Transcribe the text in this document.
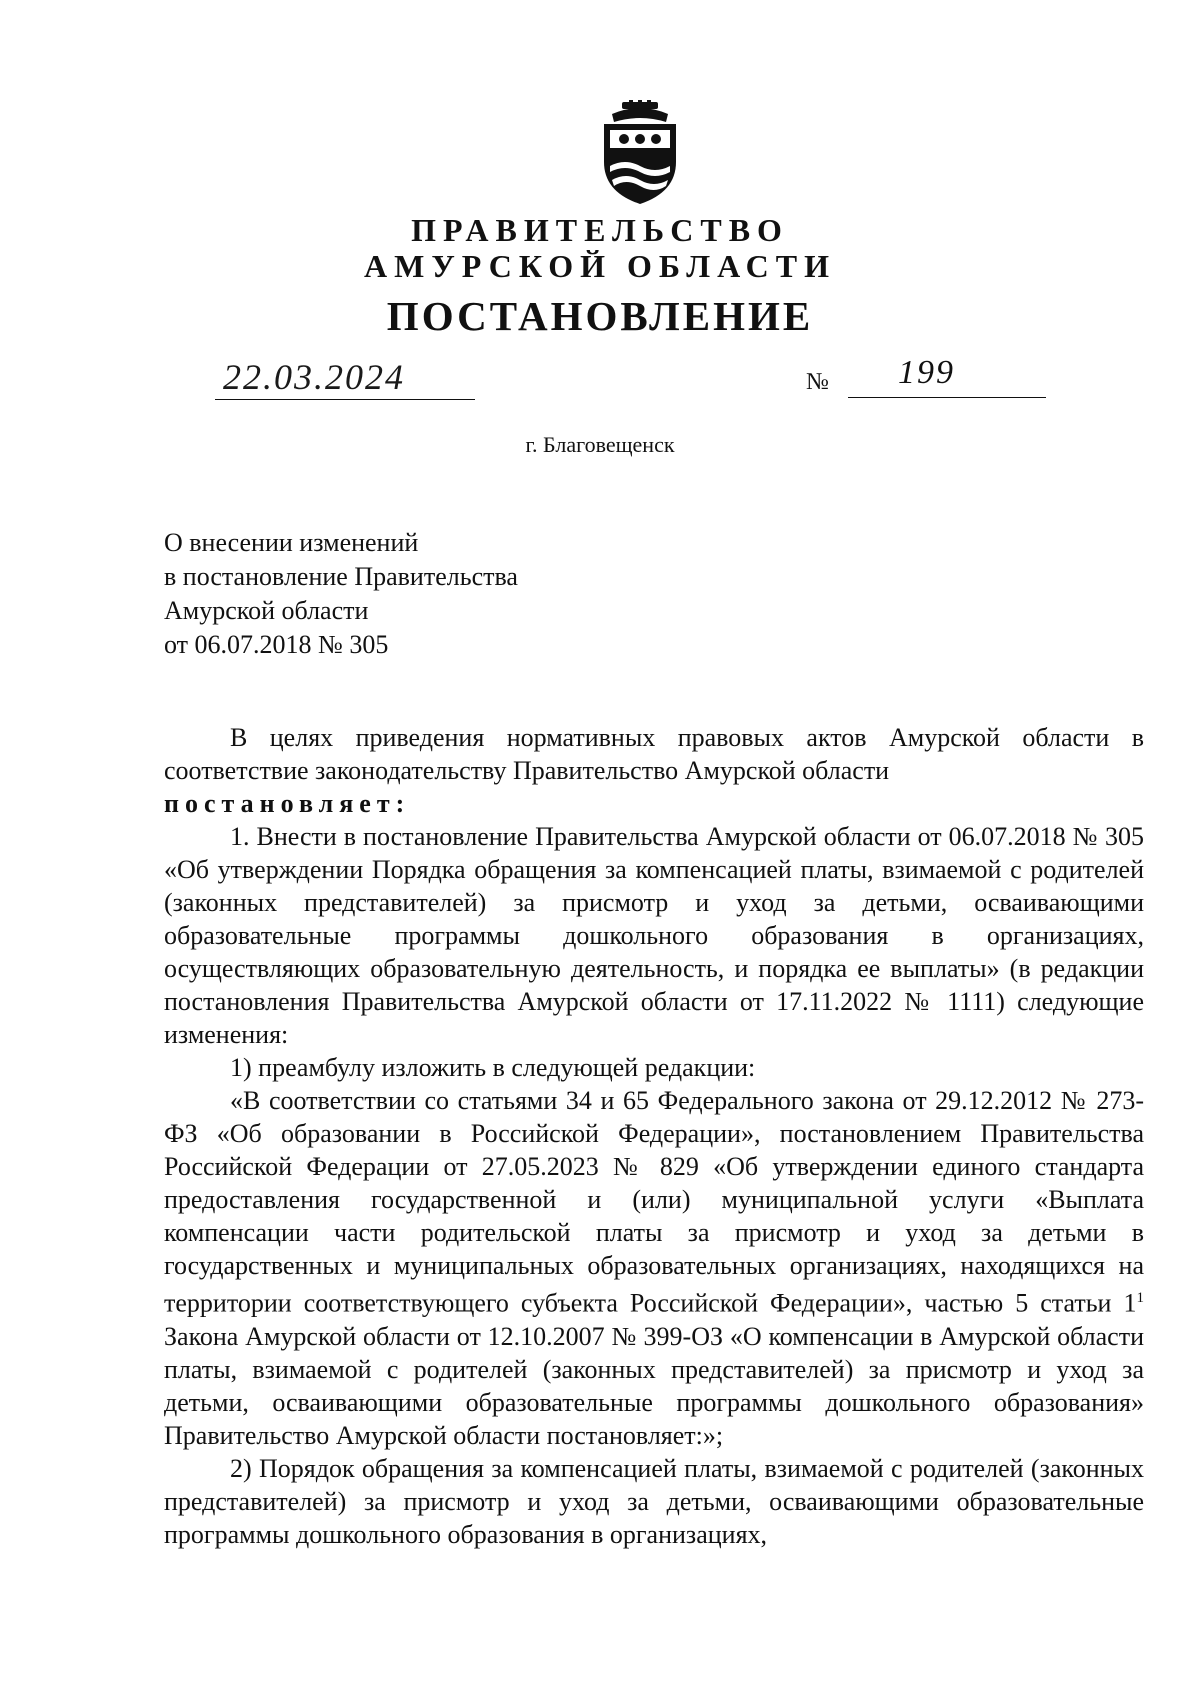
ПРАВИТЕЛЬСТВО
АМУРСКОЙ ОБЛАСТИ
ПОСТАНОВЛЕНИЕ
22.03.2024	№	199
г. Благовещенск
О внесении изменений
в постановление Правительства
Амурской области
от 06.07.2018 № 305

В целях приведения нормативных правовых актов Амурской области в соответствие законодательству Правительство Амурской области

постановляет:

1. Внести в постановление Правительства Амурской области от 06.07.2018 № 305 «Об утверждении Порядка обращения за компенсацией платы, взимаемой с родителей (законных представителей) за присмотр и уход за детьми, осваивающими образовательные программы дошкольного образования в организациях, осуществляющих образовательную деятельность, и порядка ее выплаты» (в редакции постановления Правительства Амурской области от 17.11.2022 № 1111) следующие изменения:

1) преамбулу изложить в следующей редакции:

«В соответствии со статьями 34 и 65 Федерального закона от 29.12.2012 № 273-ФЗ «Об образовании в Российской Федерации», постановлением Правительства Российской Федерации от 27.05.2023 № 829 «Об утверждении единого стандарта предоставления государственной и (или) муниципальной услуги «Выплата компенсации части родительской платы за присмотр и уход за детьми в государственных и муниципальных образовательных организациях, находящихся на территории соответствующего субъекта Российской Федерации», частью 5 статьи $1^1$ Закона Амурской области от 12.10.2007 № 399-ОЗ «О компенсации в Амурской области платы, взимаемой с родителей (законных представителей) за присмотр и уход за детьми, осваивающими образовательные программы дошкольного образования» Правительство Амурской области постановляет:»;

2) Порядок обращения за компенсацией платы, взимаемой с родителей (законных представителей) за присмотр и уход за детьми, осваивающими образовательные программы дошкольного образования в организациях,
